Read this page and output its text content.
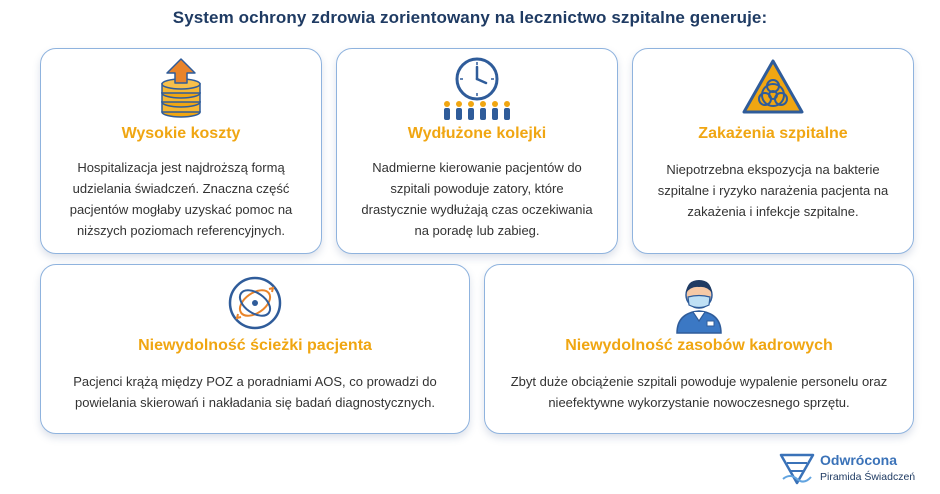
System ochrony zdrowia zorientowany na lecznictwo szpitalne generuje:
Wysokie koszty
Hospitalizacja jest najdroższą formą
udzielania świadczeń. Znaczna część
pacjentów mogłaby uzyskać pomoc na
niższych poziomach referencyjnych.
Wydłużone kolejki
Nadmierne kierowanie pacjentów do
szpitali powoduje zatory, które
drastycznie wydłużają czas oczekiwania
na poradę lub zabieg.
Zakażenia szpitalne
Niepotrzebna ekspozycja na bakterie
szpitalne i ryzyko narażenia pacjenta na
zakażenia i infekcje szpitalne.
Niewydolność ścieżki pacjenta
Pacjenci krążą między POZ a poradniami AOS, co prowadzi do
powielania skierowań i nakładania się badań diagnostycznych.
Niewydolność zasobów kadrowych
Zbyt duże obciążenie szpitali powoduje wypalenie personelu oraz
nieefektywne wykorzystanie nowoczesnego sprzętu.
Odwrócona
Piramida Świadczeń
